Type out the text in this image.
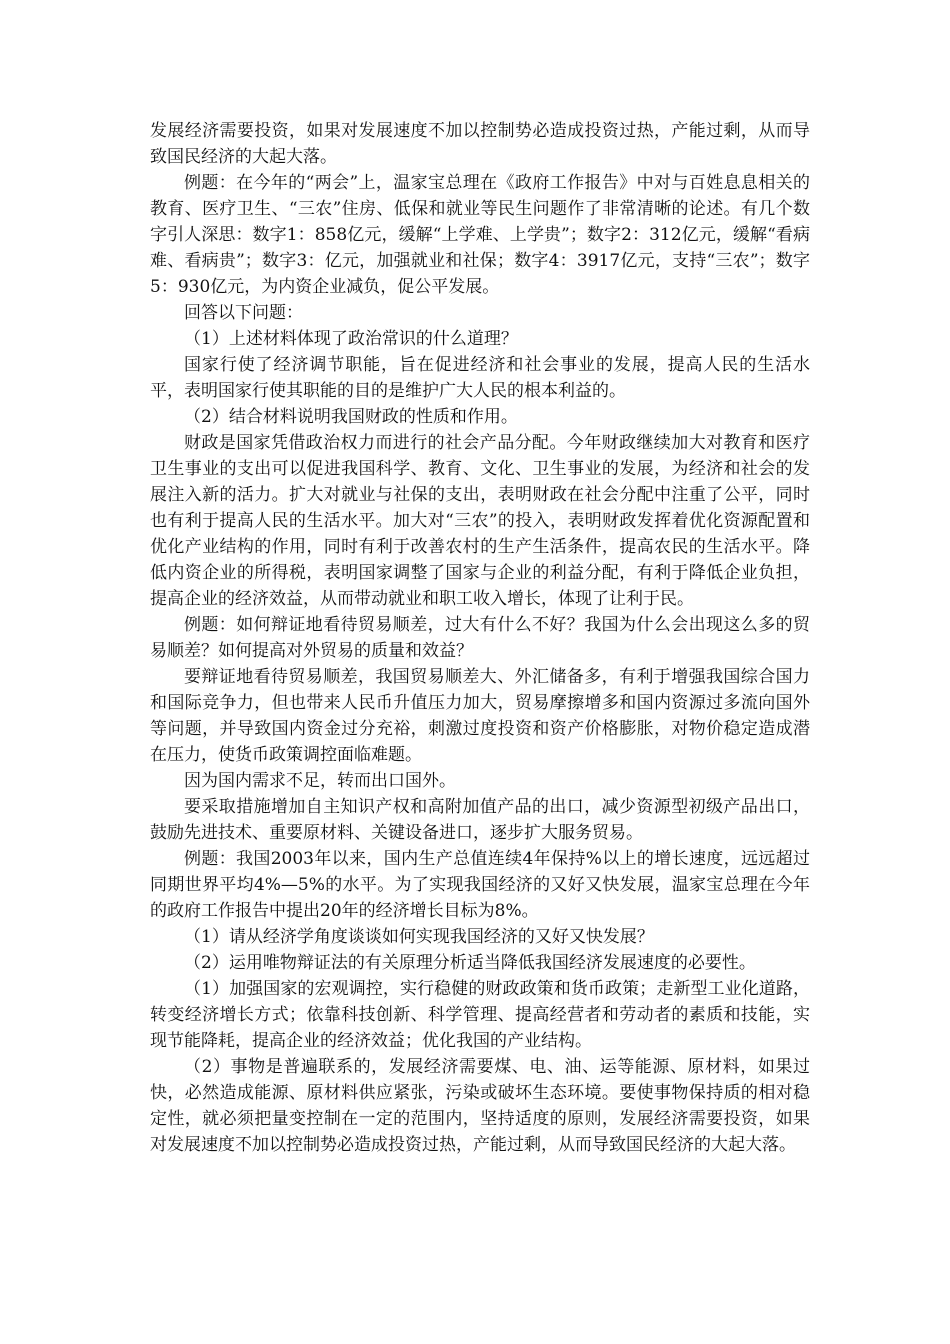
发展经济需要投资，如果对发展速度不加以控制势必造成投资过热，产能过剩，从而导致国民经济的大起大落。

例题：在今年的“两会”上，温家宝总理在《政府工作报告》中对与百姓息息相关的教育、医疗卫生、“三农”住房、低保和就业等民生问题作了非常清晰的论述。有几个数字引人深思：数字1：858亿元，缓解“上学难、上学贵”；数字2：312亿元，缓解“看病难、看病贵”；数字3：亿元，加强就业和社保；数字4：3917亿元，支持“三农”；数字5：930亿元，为内资企业减负，促公平发展。

回答以下问题：

（1）上述材料体现了政治常识的什么道理？

国家行使了经济调节职能，旨在促进经济和社会事业的发展，提高人民的生活水平，表明国家行使其职能的目的是维护广大人民的根本利益的。

（2）结合材料说明我国财政的性质和作用。

财政是国家凭借政治权力而进行的社会产品分配。今年财政继续加大对教育和医疗卫生事业的支出可以促进我国科学、教育、文化、卫生事业的发展，为经济和社会的发展注入新的活力。扩大对就业与社保的支出，表明财政在社会分配中注重了公平，同时也有利于提高人民的生活水平。加大对“三农”的投入，表明财政发挥着优化资源配置和优化产业结构的作用，同时有利于改善农村的生产生活条件，提高农民的生活水平。降低内资企业的所得税，表明国家调整了国家与企业的利益分配，有利于降低企业负担，提高企业的经济效益，从而带动就业和职工收入增长，体现了让利于民。

例题：如何辩证地看待贸易顺差，过大有什么不好？我国为什么会出现这么多的贸易顺差？如何提高对外贸易的质量和效益？

要辩证地看待贸易顺差，我国贸易顺差大、外汇储备多，有利于增强我国综合国力和国际竞争力，但也带来人民币升值压力加大，贸易摩擦增多和国内资源过多流向国外等问题，并导致国内资金过分充裕，刺激过度投资和资产价格膨胀，对物价稳定造成潜在压力，使货币政策调控面临难题。

因为国内需求不足，转而出口国外。

要采取措施增加自主知识产权和高附加值产品的出口，减少资源型初级产品出口，鼓励先进技术、重要原材料、关键设备进口，逐步扩大服务贸易。

例题：我国2003年以来，国内生产总值连续4年保持%以上的增长速度，远远超过同期世界平均4%—5%的水平。为了实现我国经济的又好又快发展，温家宝总理在今年的政府工作报告中提出20年的经济增长目标为8%。

（1）请从经济学角度谈谈如何实现我国经济的又好又快发展？

（2）运用唯物辩证法的有关原理分析适当降低我国经济发展速度的必要性。

（1）加强国家的宏观调控，实行稳健的财政政策和货币政策；走新型工业化道路，转变经济增长方式；依靠科技创新、科学管理、提高经营者和劳动者的素质和技能，实现节能降耗，提高企业的经济效益；优化我国的产业结构。

（2）事物是普遍联系的，发展经济需要煤、电、油、运等能源、原材料，如果过快，必然造成能源、原材料供应紧张，污染或破坏生态环境。要使事物保持质的相对稳定性，就必须把量变控制在一定的范围内，坚持适度的原则，发展经济需要投资，如果对发展速度不加以控制势必造成投资过热，产能过剩，从而导致国民经济的大起大落。
